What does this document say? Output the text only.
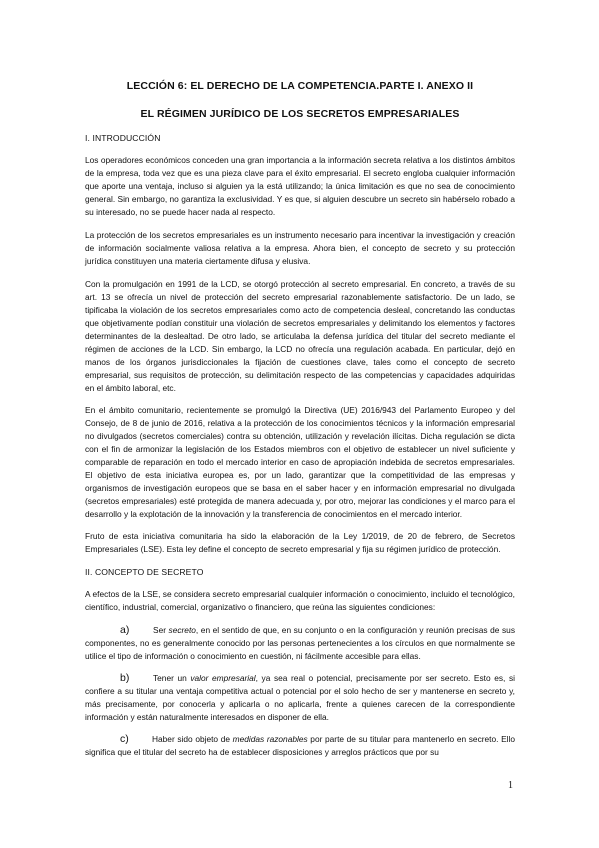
LECCIÓN 6: EL DERECHO DE LA COMPETENCIA.PARTE I. ANEXO II
EL RÉGIMEN JURÍDICO DE LOS SECRETOS EMPRESARIALES
I. INTRODUCCIÓN

Los operadores económicos conceden una gran importancia a la información secreta relativa a los distintos ámbitos de la empresa, toda vez que es una pieza clave para el éxito empresarial. El secreto engloba cualquier información que aporte una ventaja, incluso si alguien ya la está utilizando; la única limitación es que no sea de conocimiento general. Sin embargo, no garantiza la exclusividad. Y es que, si alguien descubre un secreto sin habérselo robado a su interesado, no se puede hacer nada al respecto.

La protección de los secretos empresariales es un instrumento necesario para incentivar la investigación y creación de información socialmente valiosa relativa a la empresa. Ahora bien, el concepto de secreto y su protección jurídica constituyen una materia ciertamente difusa y elusiva.

Con la promulgación en 1991 de la LCD, se otorgó protección al secreto empresarial. En concreto, a través de su art. 13 se ofrecía un nivel de protección del secreto empresarial razonablemente satisfactorio. De un lado, se tipificaba la violación de los secretos empresariales como acto de competencia desleal, concretando las conductas que objetivamente podían constituir una violación de secretos empresariales y delimitando los elementos y factores determinantes de la deslealtad. De otro lado, se articulaba la defensa jurídica del titular del secreto mediante el régimen de acciones de la LCD. Sin embargo, la LCD no ofrecía una regulación acabada. En particular, dejó en manos de los órganos jurisdiccionales la fijación de cuestiones clave, tales como el concepto de secreto empresarial, sus requisitos de protección, su delimitación respecto de las competencias y capacidades adquiridas en el ámbito laboral, etc.

En el ámbito comunitario, recientemente se promulgó la Directiva (UE) 2016/943 del Parlamento Europeo y del Consejo, de 8 de junio de 2016, relativa a la protección de los conocimientos técnicos y la información empresarial no divulgados (secretos comerciales) contra su obtención, utilización y revelación ilícitas. Dicha regulación se dicta con el fin de armonizar la legislación de los Estados miembros con el objetivo de establecer un nivel suficiente y comparable de reparación en todo el mercado interior en caso de apropiación indebida de secretos empresariales. El objetivo de esta iniciativa europea es, por un lado, garantizar que la competitividad de las empresas y organismos de investigación europeos que se basa en el saber hacer y en información empresarial no divulgada (secretos empresariales) esté protegida de manera adecuada y, por otro, mejorar las condiciones y el marco para el desarrollo y la explotación de la innovación y la transferencia de conocimientos en el mercado interior.

Fruto de esta iniciativa comunitaria ha sido la elaboración de la Ley 1/2019, de 20 de febrero, de Secretos Empresariales (LSE). Esta ley define el concepto de secreto empresarial y fija su régimen jurídico de protección.

II. CONCEPTO DE SECRETO

A efectos de la LSE, se considera secreto empresarial cualquier información o conocimiento, incluido el tecnológico, científico, industrial, comercial, organizativo o financiero, que reúna las siguientes condiciones:

a)	Ser secreto, en el sentido de que, en su conjunto o en la configuración y reunión precisas de sus componentes, no es generalmente conocido por las personas pertenecientes a los círculos en que normalmente se utilice el tipo de información o conocimiento en cuestión, ni fácilmente accesible para ellas.
b)	Tener un valor empresarial, ya sea real o potencial, precisamente por ser secreto. Esto es, si confiere a su titular una ventaja competitiva actual o potencial por el solo hecho de ser y mantenerse en secreto y, más precisamente, por conocerla y aplicarla o no aplicarla, frente a quienes carecen de la correspondiente información y están naturalmente interesados en disponer de ella.
c)	Haber sido objeto de medidas razonables por parte de su titular para mantenerlo en secreto. Ello significa que el titular del secreto ha de establecer disposiciones y arreglos prácticos que por su
1
